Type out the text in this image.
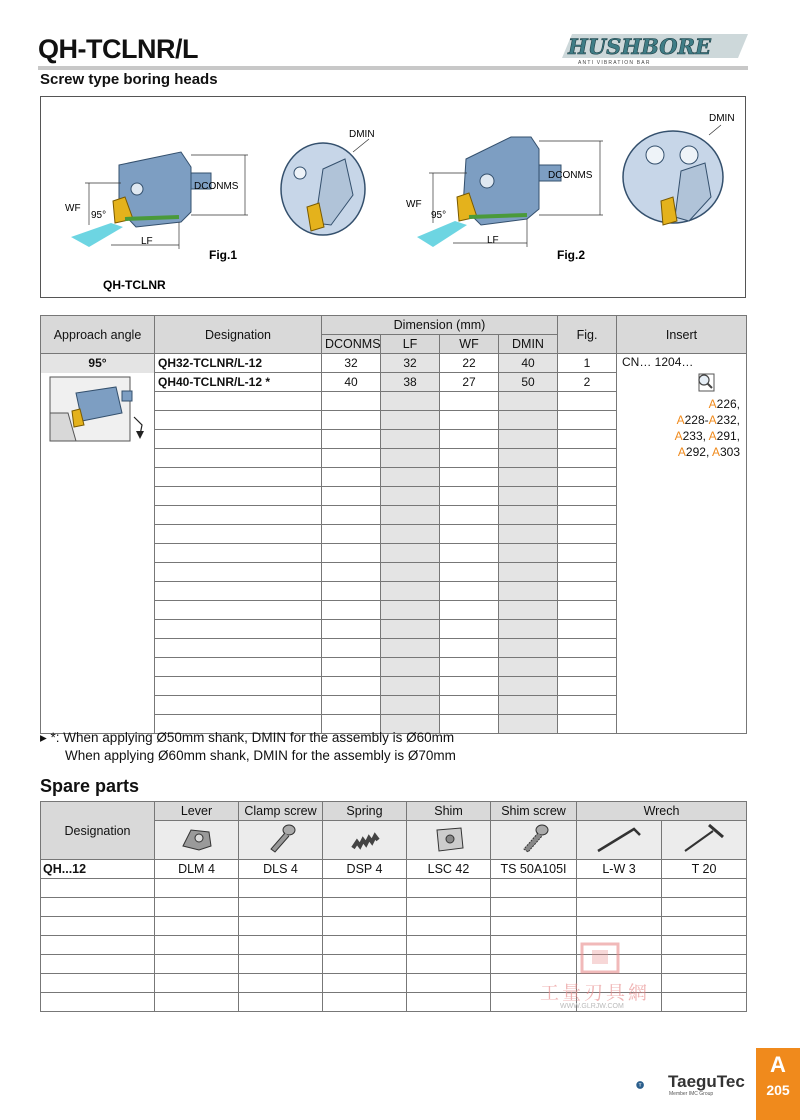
QH-TCLNR/L
Screw type boring heads
HUSHBORE
ANTI VIBRATION BAR
DCONMS
WF
95°
LF
Fig.1
DMIN
QH-TCLNR
DCONMS
WF
95°
LF
Fig.2
DMIN
Approach angle	Designation	Dimension (mm)				Fig.	Insert
		DCONMS	LF	WF	DMIN		
95°	QH32-TCLNR/L-12	32	32	22	40	1	CN… 1204…
A226,
A228-A232,
A233, A291,
A292, A303

	QH40-TCLNR/L-12 *	40	38	27	50	2	

▸ *: When applying Ø50mm shank, DMIN for the assembly is Ø60mm
When applying Ø60mm shank, DMIN for the assembly is Ø70mm
Spare parts
Designation	Lever	Clamp screw	Spring	Shim	Shim screw	Wrech	

QH...12	DLM 4	DLS 4	DSP 4	LSC 42	TS 50A105I	L-W 3	T 20

工量刃具網
WWW.GLRJW.COM
T TaeguTec
Member IMC Group
A
205
